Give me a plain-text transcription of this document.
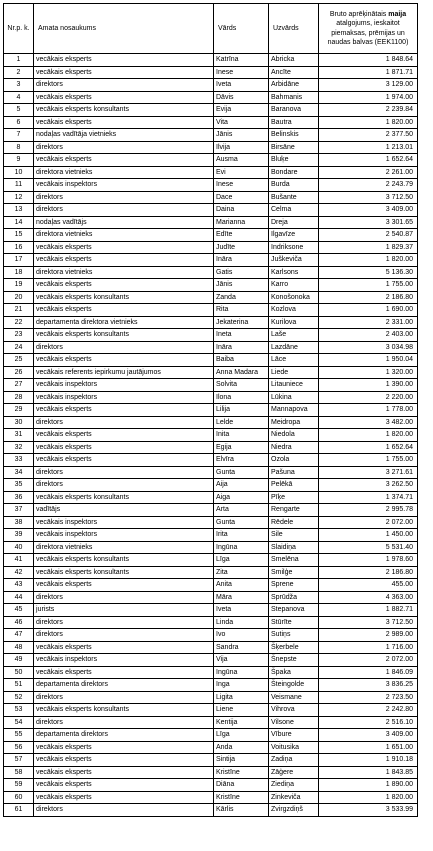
Nr.p. k.	Amata nosaukums	Vārds	Uzvārds	Bruto aprēķinātais maija atalgojums, ieskaitot piemaksas, prēmijas un naudas balvas (EEK1100)
1	vecākais eksperts	Katrīna	Abricka	1 848.64
2	vecākais eksperts	Inese	Ancīte	1 871.71
3	direktors	Iveta	Arbidāne	3 129.00
4	vecākais eksperts	Dāvis	Bahmanis	1 974.00
5	vecākais eksperts konsultants	Evija	Baranova	2 239.84
6	vecākais eksperts	Vita	Bautra	1 820.00
7	nodaļas vadītāja vietnieks	Jānis	Belinskis	2 377.50
8	direktors	Ilvija	Birsāne	1 213.01
9	vecākais eksperts	Ausma	Bluķe	1 652.64
10	direktora vietnieks	Evi	Bondare	2 261.00
11	vecākais inspektors	Inese	Burda	2 243.79
12	direktors	Dace	Bušante	3 712.50
13	direktors	Daina	Celma	3 409.00
14	nodaļas vadītājs	Marianna	Dreja	3 301.65
15	direktora vietnieks	Edīte	Ilgavīze	2 540.87
16	vecākais eksperts	Judīte	Indriksone	1 829.37
17	vecākais eksperts	Ināra	Juškeviča	1 820.00
18	direktora vietnieks	Gatis	Karlsons	5 136.30
19	vecākais eksperts	Jānis	Karro	1 755.00
20	vecākais eksperts konsultants	Zanda	Konošonoka	2 186.80
21	vecākais eksperts	Rita	Kozlova	1 690.00
22	departamenta direktora vietnieks	Jekaterina	Kurilova	2 331.00
23	vecākais eksperts konsultants	Ineta	Laše	2 403.00
24	direktors	Ināra	Lazdāne	3 034.98
25	vecākais eksperts	Baiba	Lāce	1 950.04
26	vecākais referents iepirkumu jautājumos	Anna Madara	Liede	1 320.00
27	vecākais inspektors	Solvita	Litauniece	1 390.00
28	vecākais inspektors	Ilona	Lūkina	2 220.00
29	vecākais eksperts	Lilija	Mannapova	1 778.00
30	direktors	Lelde	Meidropa	3 482.00
31	vecākais eksperts	Inita	Niedola	1 820.00
32	vecākais eksperts	Egija	Niedra	1 652.64
33	vecākais eksperts	Elvīra	Ozola	1 755.00
34	direktors	Gunta	Pašuna	3 271.61
35	direktors	Aija	Pelēkā	3 262.50
36	vecākais eksperts konsultants	Aiga	Pīķe	1 374.71
37	vadītājs	Arta	Rengarte	2 995.78
38	vecākais inspektors	Gunta	Rēdele	2 072.00
39	vecākais inspektors	Irita	Sile	1 450.00
40	direktora vietnieks	Ingūna	Slaidiņa	5 531.40
41	vecākais eksperts konsultants	Līga	Smelēna	1 978.60
42	vecākais eksperts konsultants	Zita	Smilģe	2 186.80
43	vecākais eksperts	Anita	Sprene	455.00
44	direktors	Māra	Sprūdža	4 363.00
45	jurists	Iveta	Stepanova	1 882.71
46	direktors	Linda	Stūrīte	3 712.50
47	direktors	Ivo	Sutiņs	2 989.00
48	vecākais eksperts	Sandra	Šķerbele	1 716.00
49	vecākais inspektors	Vija	Šnepste	2 072.00
50	vecākais eksperts	Ingūna	Špaka	1 846.09
51	departamenta direktors	Inga	Šteingolde	3 836.25
52	direktors	Ligita	Veismane	2 723.50
53	vecākais eksperts konsultants	Liene	Vihrova	2 242.80
54	direktors	Kentija	Vilsone	2 516.10
55	departamenta direktors	Līga	Vībure	3 409.00
56	vecākais eksperts	Anda	Voitusika	1 651.00
57	vecākais eksperts	Sintija	Zadiņa	1 910.18
58	vecākais eksperts	Kristīne	Zāģere	1 843.85
59	vecākais eksperts	Diāna	Ziediņa	1 890.00
60	vecākais eksperts	Kristīne	Zinkeviča	1 820.00
61	direktors	Kārlis	Zvirgzdiņš	3 533.99
